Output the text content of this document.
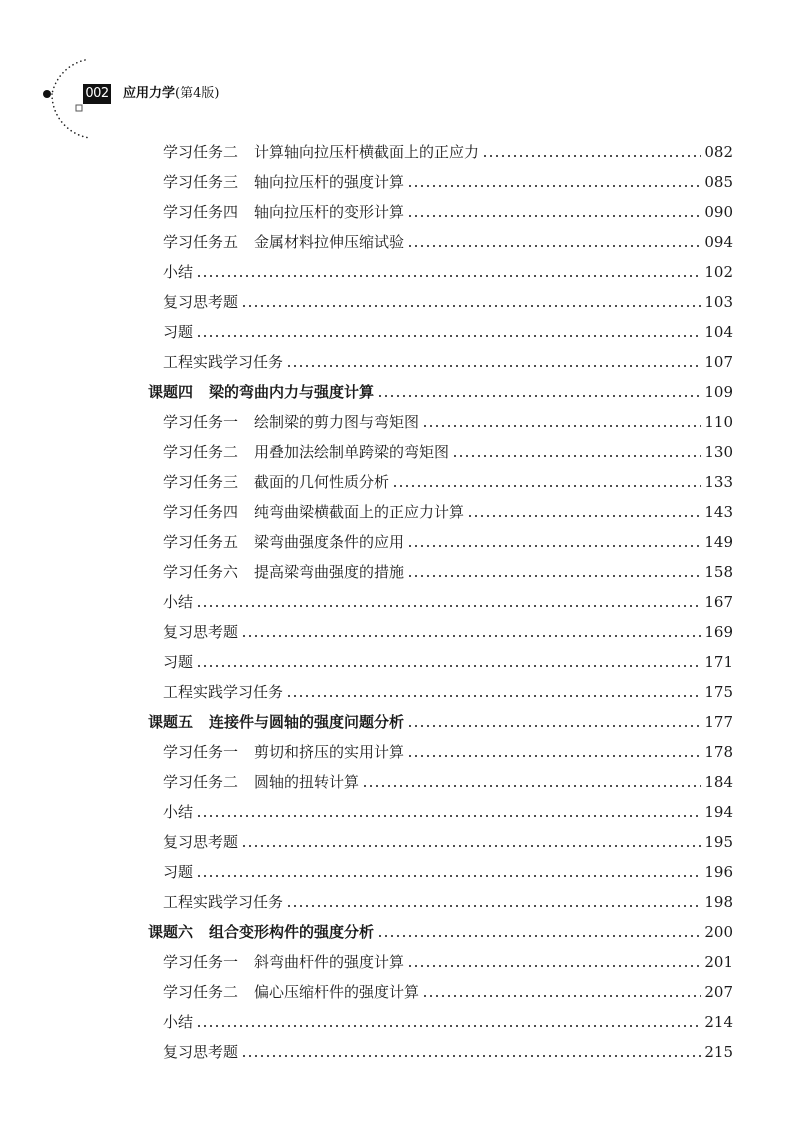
002 应用力学(第4版)
学习任务二 计算轴向拉压杆横截面上的正应力	082
学习任务三 轴向拉压杆的强度计算	085
学习任务四 轴向拉压杆的变形计算	090
学习任务五 金属材料拉伸压缩试验	094
小结	102
复习思考题	103
习题	104
工程实践学习任务	107
课题四 梁的弯曲内力与强度计算	109
学习任务一 绘制梁的剪力图与弯矩图	110
学习任务二 用叠加法绘制单跨梁的弯矩图	130
学习任务三 截面的几何性质分析	133
学习任务四 纯弯曲梁横截面上的正应力计算	143
学习任务五 梁弯曲强度条件的应用	149
学习任务六 提高梁弯曲强度的措施	158
小结	167
复习思考题	169
习题	171
工程实践学习任务	175
课题五 连接件与圆轴的强度问题分析	177
学习任务一 剪切和挤压的实用计算	178
学习任务二 圆轴的扭转计算	184
小结	194
复习思考题	195
习题	196
工程实践学习任务	198
课题六 组合变形构件的强度分析	200
学习任务一 斜弯曲杆件的强度计算	201
学习任务二 偏心压缩杆件的强度计算	207
小结	214
复习思考题	215
